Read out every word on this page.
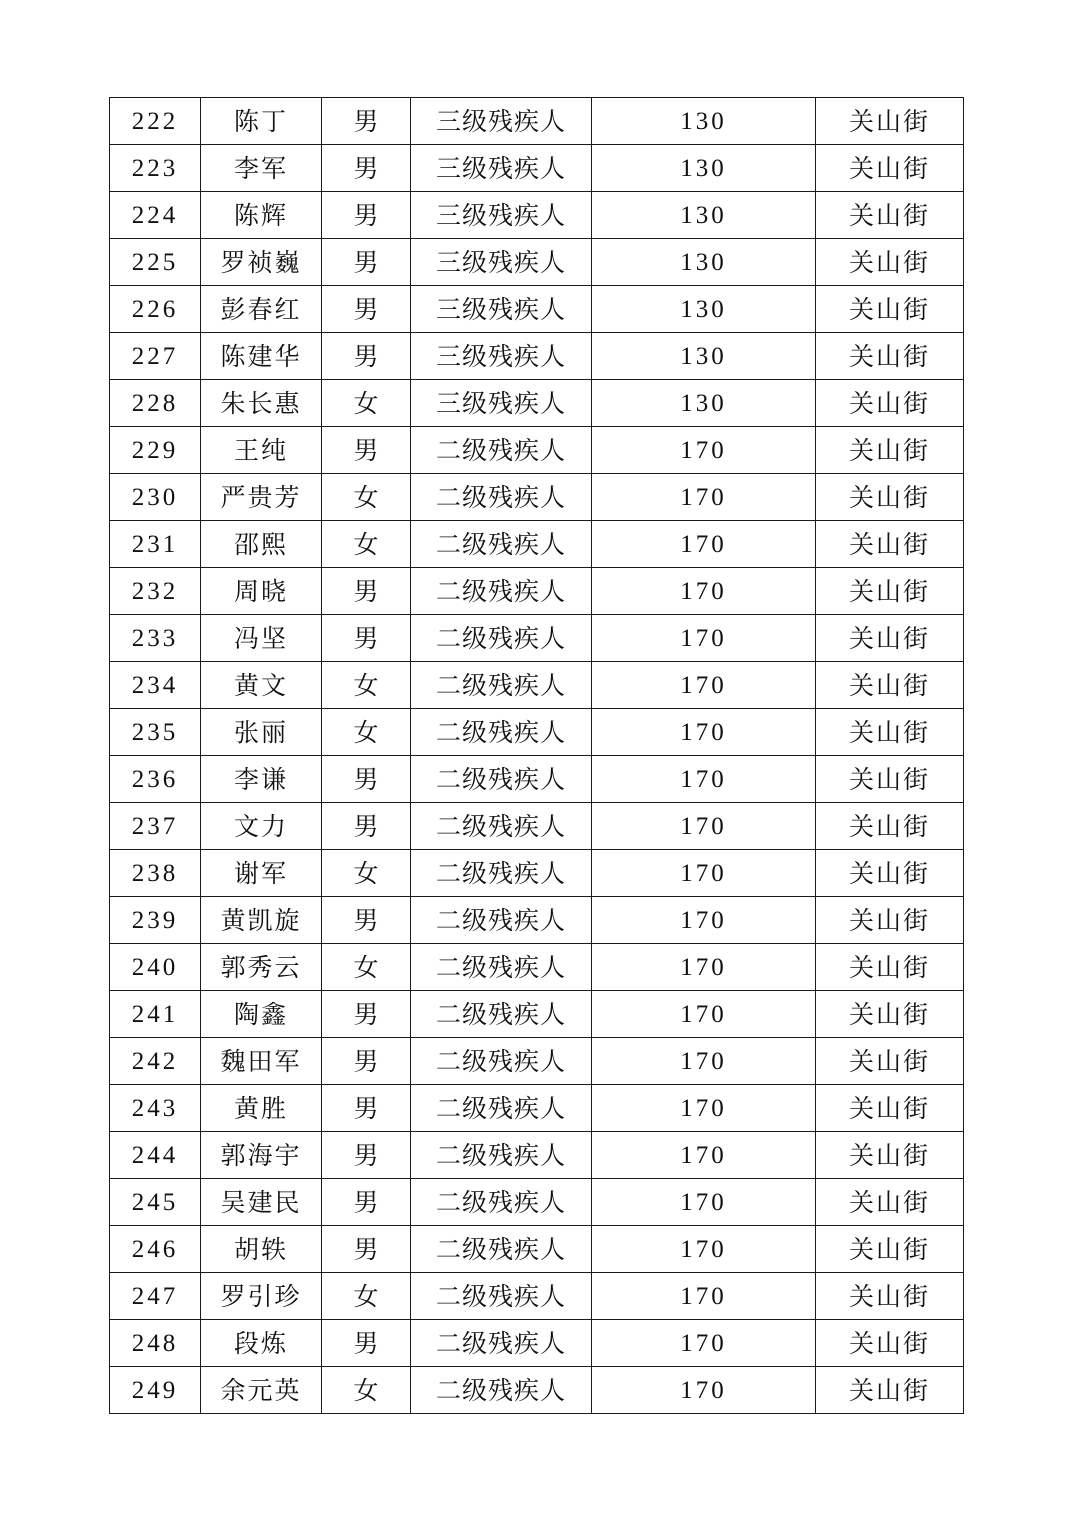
222	陈丁	男	三级残疾人	130	关山街
223	李军	男	三级残疾人	130	关山街
224	陈辉	男	三级残疾人	130	关山街
225	罗祯巍	男	三级残疾人	130	关山街
226	彭春红	男	三级残疾人	130	关山街
227	陈建华	男	三级残疾人	130	关山街
228	朱长惠	女	三级残疾人	130	关山街
229	王纯	男	二级残疾人	170	关山街
230	严贵芳	女	二级残疾人	170	关山街
231	邵熙	女	二级残疾人	170	关山街
232	周晓	男	二级残疾人	170	关山街
233	冯坚	男	二级残疾人	170	关山街
234	黄文	女	二级残疾人	170	关山街
235	张丽	女	二级残疾人	170	关山街
236	李谦	男	二级残疾人	170	关山街
237	文力	男	二级残疾人	170	关山街
238	谢军	女	二级残疾人	170	关山街
239	黄凯旋	男	二级残疾人	170	关山街
240	郭秀云	女	二级残疾人	170	关山街
241	陶鑫	男	二级残疾人	170	关山街
242	魏田军	男	二级残疾人	170	关山街
243	黄胜	男	二级残疾人	170	关山街
244	郭海宇	男	二级残疾人	170	关山街
245	吴建民	男	二级残疾人	170	关山街
246	胡轶	男	二级残疾人	170	关山街
247	罗引珍	女	二级残疾人	170	关山街
248	段炼	男	二级残疾人	170	关山街
249	余元英	女	二级残疾人	170	关山街
